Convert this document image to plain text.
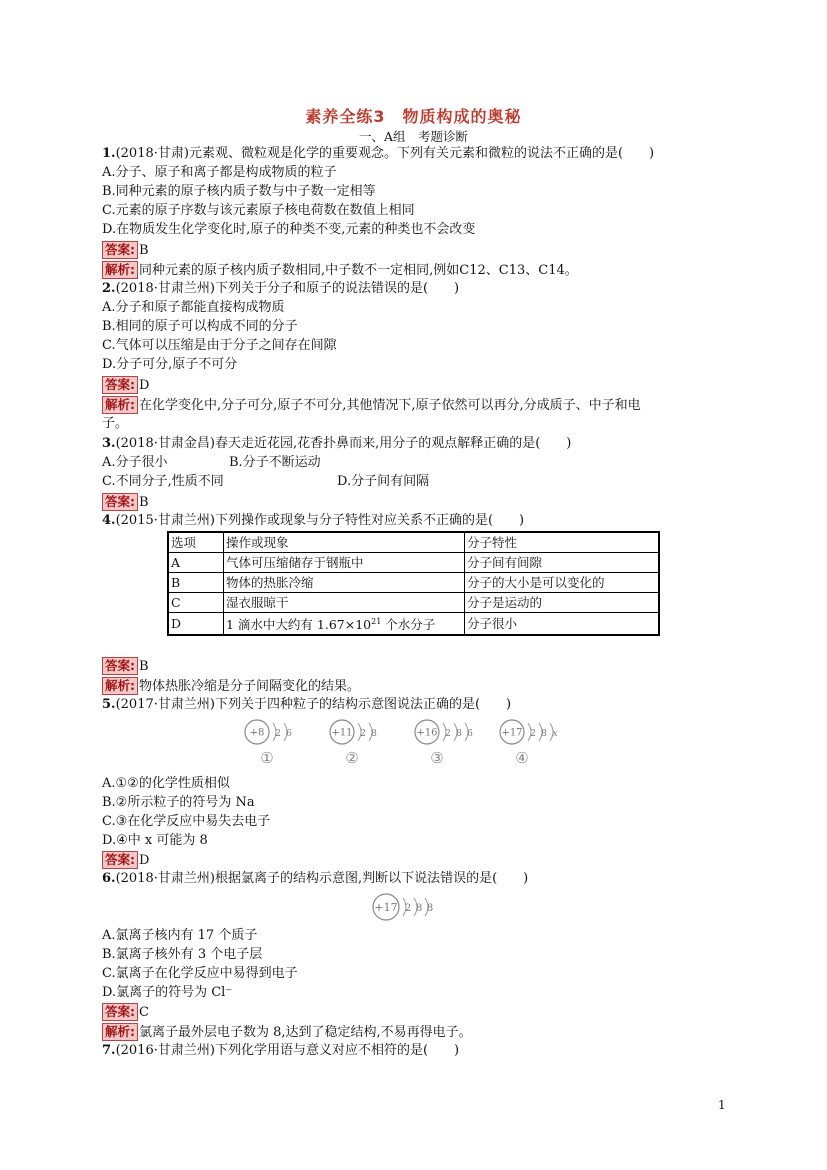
素养全练3　物质构成的奥秘
一、A组　考题诊断
1.(2018·甘肃)元素观、微粒观是化学的重要观念。下列有关元素和微粒的说法不正确的是(　　)
A.分子、原子和离子都是构成物质的粒子
B.同种元素的原子核内质子数与中子数一定相等
C.元素的原子序数与该元素原子核电荷数在数值上相同
D.在物质发生化学变化时,原子的种类不变,元素的种类也不会改变
答案: B
解析: 同种元素的原子核内质子数相同,中子数不一定相同,例如C12、C13、C14。
2.(2018·甘肃兰州)下列关于分子和原子的说法错误的是(　　)
A.分子和原子都能直接构成物质
B.相同的原子可以构成不同的分子
C.气体可以压缩是由于分子之间存在间隙
D.分子可分,原子不可分
答案: D
解析: 在化学变化中,分子可分,原子不可分,其他情况下,原子依然可以再分,分成质子、中子和电
子。
3.(2018·甘肃金昌)春天走近花园,花香扑鼻而来,用分子的观点解释正确的是(　　)
A.分子很小	B.分子不断运动
C.不同分子,性质不同	D.分子间有间隔
答案: B
4.(2015·甘肃兰州)下列操作或现象与分子特性对应关系不正确的是(　　)
选项	操作或现象	分子特性
A	气体可压缩储存于钢瓶中	分子间有间隙
B	物体的热胀冷缩	分子的大小是可以变化的
C	湿衣服晾干	分子是运动的
D	1 滴水中大约有 $1.67\times 10^{21}$ 个水分子	分子很小
答案: B
解析: 物体热胀冷缩是分子间隔变化的结果。
5.(2017·甘肃兰州)下列关于四种粒子的结构示意图说法正确的是(　　)
+8 2 6
①
+11 2 8
②
+16 2 8 6
③
+17 2 8 x
④
A.①②的化学性质相似
B.②所示粒子的符号为 Na
C.③在化学反应中易失去电子
D.④中 x 可能为 8
答案: D
6.(2018·甘肃兰州)根据氯离子的结构示意图,判断以下说法错误的是(　　)
+17 2 8 8
A.氯离子核内有 17 个质子
B.氯离子核外有 3 个电子层
C.氯离子在化学反应中易得到电子
D.氯离子的符号为 Cl⁻
答案: C
解析: 氯离子最外层电子数为 8,达到了稳定结构,不易再得电子。
7.(2016·甘肃兰州)下列化学用语与意义对应不相符的是(　　)
1
